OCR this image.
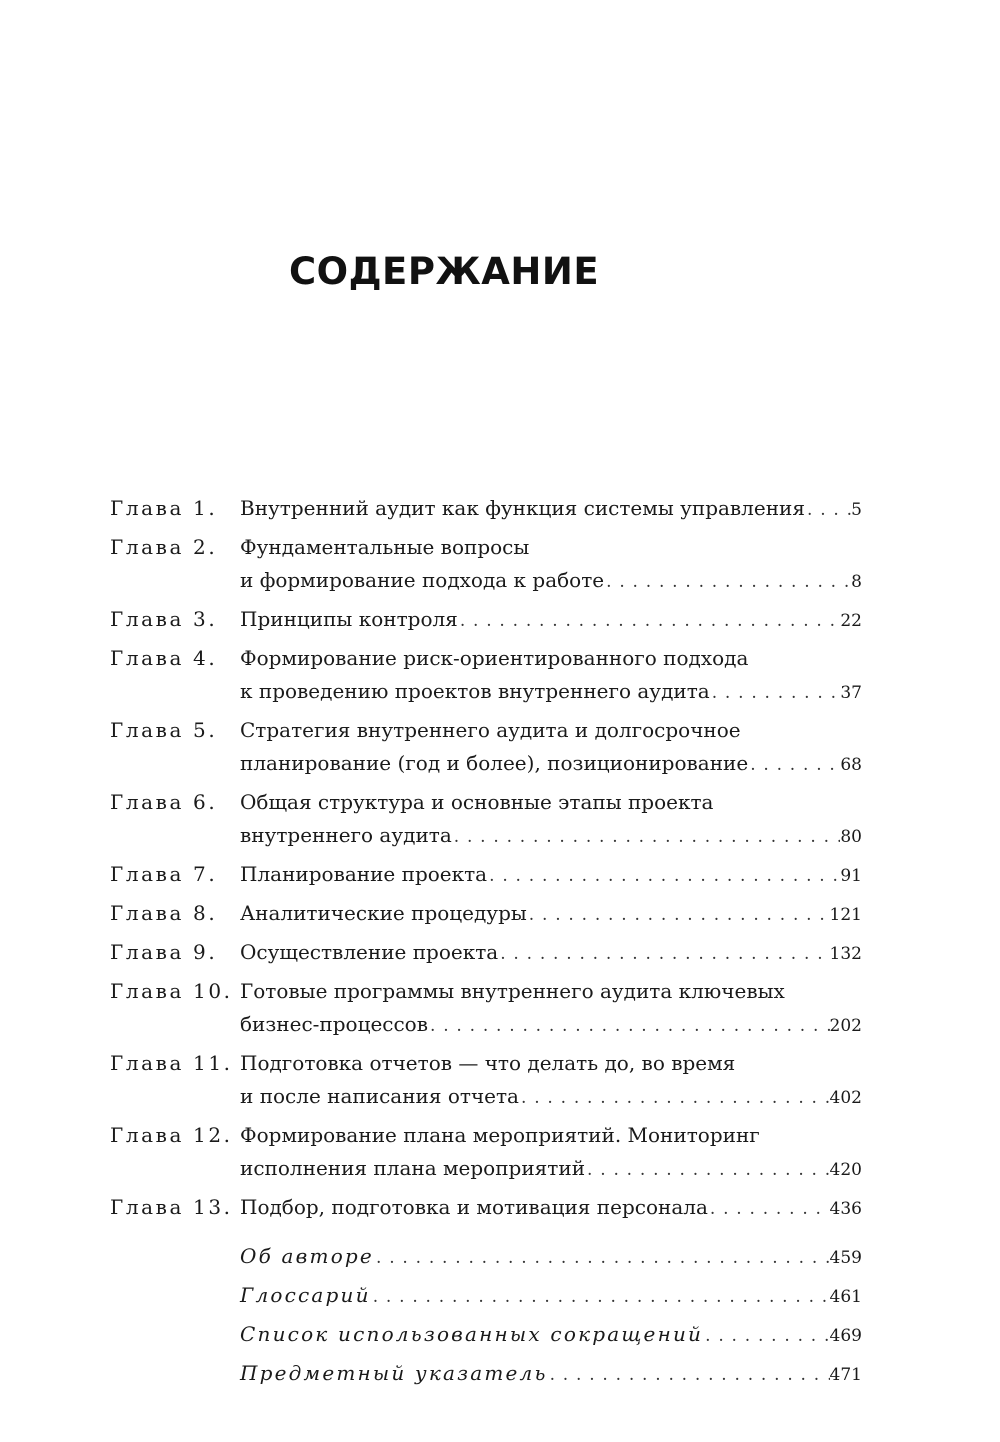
СОДЕРЖАНИЕ
Глава 1.	Внутренний аудит как функция системы управления . . .	5
Глава 2.	Фундаментальные вопросы
и формирование подхода к работе . . .	8
Глава 3.	Принципы контроля . . .	22
Глава 4.	Формирование риск-ориентированного подхода
к проведению проектов внутреннего аудита . . .	37
Глава 5.	Стратегия внутреннего аудита и долгосрочное
планирование (год и более), позиционирование . . .	68
Глава 6.	Общая структура и основные этапы проекта
внутреннего аудита . . .	80
Глава 7.	Планирование проекта . . .	91
Глава 8.	Аналитические процедуры . . .	121
Глава 9.	Осуществление проекта . . .	132
Глава 10. Готовые программы внутреннего аудита ключевых
бизнес-процессов . . .	202
Глава 11. Подготовка отчетов — что делать до, во время
и после написания отчета . . .	402
Глава 12. Формирование плана мероприятий. Мониторинг
исполнения плана мероприятий . . .	420
Глава 13. Подбор, подготовка и мотивация персонала . . .	436
Об авторе . . .	459
Глоссарий . . .	461
Список использованных сокращений . . .	469
Предметный указатель . . .	471
